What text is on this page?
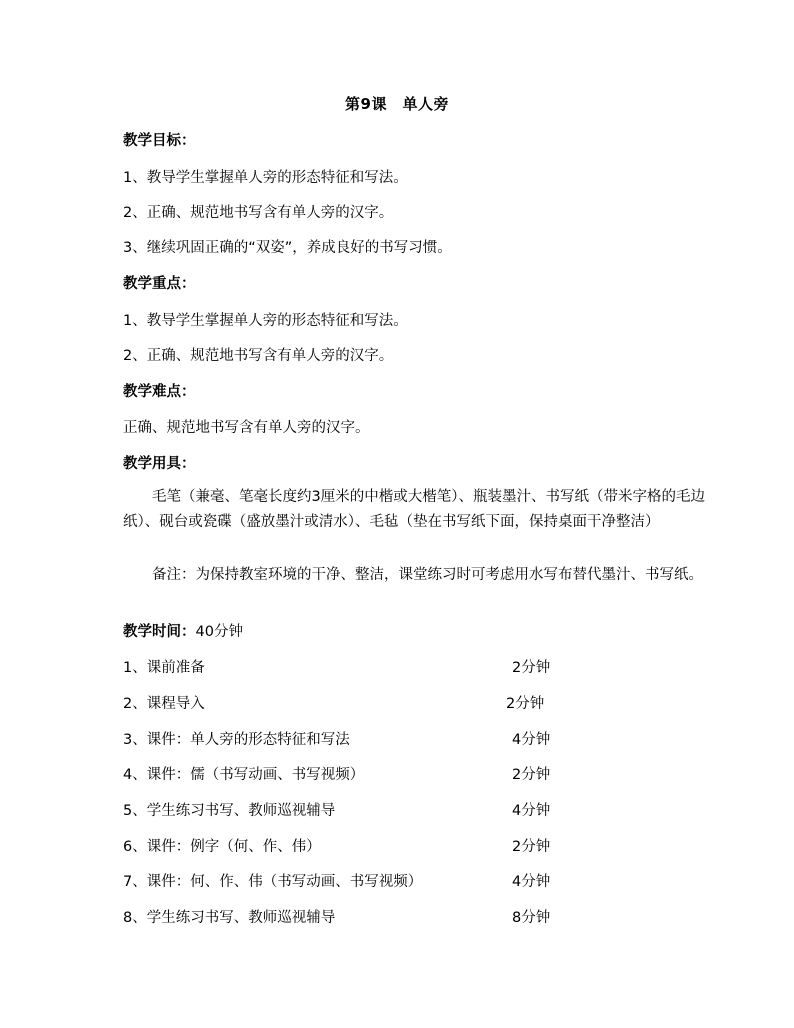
第9课　单人旁
教学目标：
1、教导学生掌握单人旁的形态特征和写法。
2、正确、规范地书写含有单人旁的汉字。
3、继续巩固正确的“双姿”，养成良好的书写习惯。
教学重点：
1、教导学生掌握单人旁的形态特征和写法。
2、正确、规范地书写含有单人旁的汉字。
教学难点：
正确、规范地书写含有单人旁的汉字。
教学用具：
毛笔（兼毫、笔毫长度约3厘米的中楷或大楷笔）、瓶装墨汁、书写纸（带米字格的毛边纸）、砚台或瓷碟（盛放墨汁或清水）、毛毡（垫在书写纸下面，保持桌面干净整洁）
备注：为保持教室环境的干净、整洁，课堂练习时可考虑用水写布替代墨汁、书写纸。
教学时间：40分钟
1、课前准备	2分钟
2、课程导入	2分钟
3、课件：单人旁的形态特征和写法	4分钟
4、课件：儒（书写动画、书写视频）	2分钟
5、学生练习书写、教师巡视辅导	4分钟
6、课件：例字（何、作、伟）	2分钟
7、课件：何、作、伟（书写动画、书写视频）	4分钟
8、学生练习书写、教师巡视辅导	8分钟
